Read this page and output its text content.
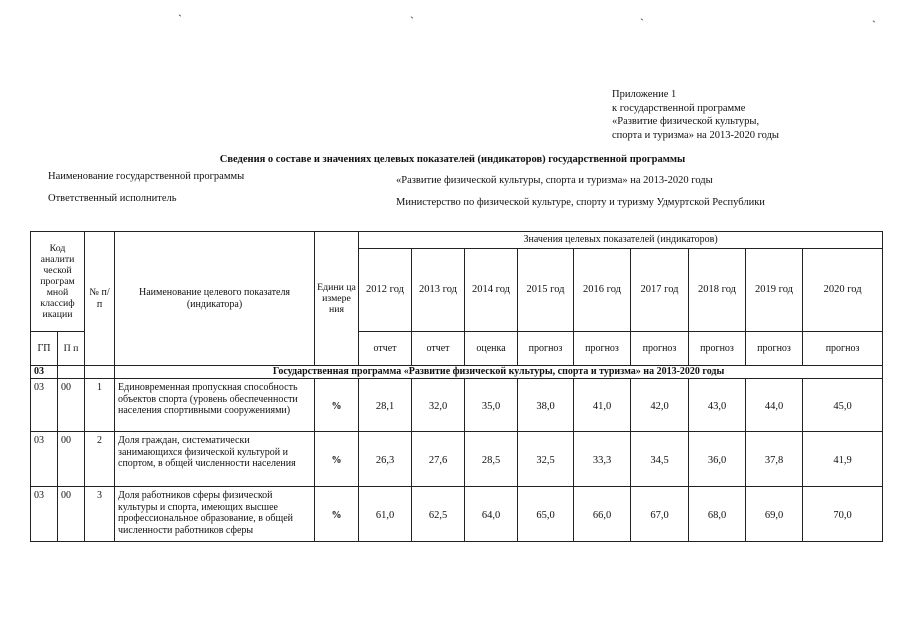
`	`	`	`
Приложение 1
к государственной программе
«Развитие физической культуры,
спорта и туризма» на 2013-2020 годы
Сведения о составе и значениях целевых показателей (индикаторов) государственной программы
Наименование государственной программы	«Развитие физической культуры, спорта и туризма» на 2013-2020 годы
Ответственный исполнитель	Министерство по физической культуре, спорту и туризму Удмуртской Республики
Код аналити ческой програм мной классиф икации		№ п/п	Наименование целевого показателя (индикатора)	Едини ца измере ния	Значения целевых показателей (индикаторов)								
					2012 год	2013 год	2014 год	2015 год	2016 год	2017 год	2018 год	2019 год	2020 год
ГП	П п				отчет	отчет	оценка	прогноз	прогноз	прогноз	прогноз	прогноз	прогноз

03			Государственная программа «Развитие физической культуры, спорта и туризма» на 2013-2020 годы										
03	00	1	Единовременная пропускная способность объектов спорта (уровень обеспеченности населения спортивными сооружениями)	%	28,1	32,0	35,0	38,0	41,0	42,0	43,0	44,0	45,0
03	00	2	Доля граждан, систематически занимающихся физической культурой и спортом, в общей численности населения	%	26,3	27,6	28,5	32,5	33,3	34,5	36,0	37,8	41,9
03	00	3	Доля работников сферы физической культуры и спорта, имеющих высшее профессиональное образование, в общей численности работников сферы	%	61,0	62,5	64,0	65,0	66,0	67,0	68,0	69,0	70,0
